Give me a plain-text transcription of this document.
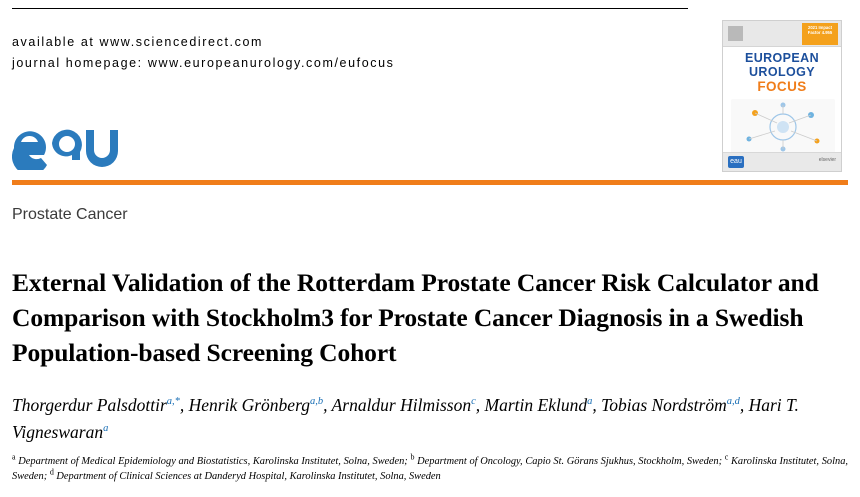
available at www.sciencedirect.com
journal homepage: www.europeanurology.com/eufocus
2021 Impact Factor 4.955
EUROPEAN
UROLOGY
FOCUS
eau	elsevier
Prostate Cancer
External Validation of the Rotterdam Prostate Cancer Risk Calculator and Comparison with Stockholm3 for Prostate Cancer Diagnosis in a Swedish Population-based Screening Cohort
Thorgerdur Palsdottir$^{a,*}$, Henrik Grönberg$^{a,b}$, Arnaldur Hilmisson$^c$, Martin Eklund$^a$, Tobias Nordström$^{a,d}$, Hari T. Vigneswaran$^a$
$^a$ Department of Medical Epidemiology and Biostatistics, Karolinska Institutet, Solna, Sweden; $^b$ Department of Oncology, Capio St. Görans Sjukhus, Stockholm, Sweden; $^c$ Karolinska Institutet, Solna, Sweden; $^d$ Department of Clinical Sciences at Danderyd Hospital, Karolinska Institutet, Solna, Sweden
